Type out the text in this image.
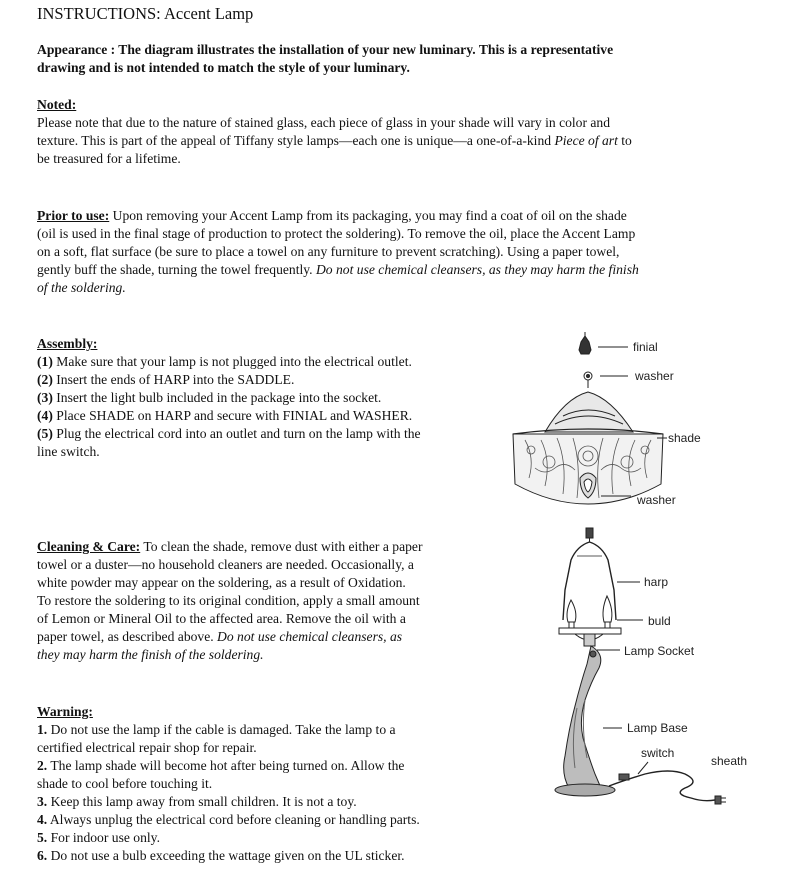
INSTRUCTIONS: Accent Lamp
Appearance : The diagram illustrates the installation of your new luminary. This is a representative
drawing and is not intended to match the style of your luminary.
Noted:
Please note that due to the nature of stained glass, each piece of glass in your shade will vary in color and
texture. This is part of the appeal of Tiffany style lamps—each one is unique—a one-of-a-kind Piece of art to
be treasured for a lifetime.
Prior to use: Upon removing your Accent Lamp from its packaging, you may find a coat of oil on the shade
(oil is used in the final stage of production to protect the soldering). To remove the oil, place the Accent Lamp
on a soft, flat surface (be sure to place a towel on any furniture to prevent scratching). Using a paper towel,
gently buff the shade, turning the towel frequently. Do not use chemical cleansers, as they may harm the finish
of the soldering.
Assembly:
(1) Make sure that your lamp is not plugged into the electrical outlet.
(2) Insert the ends of HARP into the SADDLE.
(3) Insert the light bulb included in the package into the socket.
(4) Place SHADE on HARP and secure with FINIAL and WASHER.
(5) Plug the electrical cord into an outlet and turn on the lamp with the
line switch.
Cleaning & Care: To clean the shade, remove dust with either a paper
towel or a duster—no household cleaners are needed. Occasionally, a
white powder may appear on the soldering, as a result of Oxidation.
To restore the soldering to its original condition, apply a small amount
of Lemon or Mineral Oil to the affected area. Remove the oil with a
paper towel, as described above. Do not use chemical cleansers, as
they may harm the finish of the soldering.
Warning:
1. Do not use the lamp if the cable is damaged. Take the lamp to a
certified electrical repair shop for repair.
2. The lamp shade will become hot after being turned on. Allow the
shade to cool before touching it.
3. Keep this lamp away from small children. It is not a toy.
4. Always unplug the electrical cord before cleaning or handling parts.
5. For indoor use only.
6. Do not use a bulb exceeding the wattage given on the UL sticker.
finial
washer
shade
washer
harp
buld
Lamp Socket
Lamp Base
switch
sheath
